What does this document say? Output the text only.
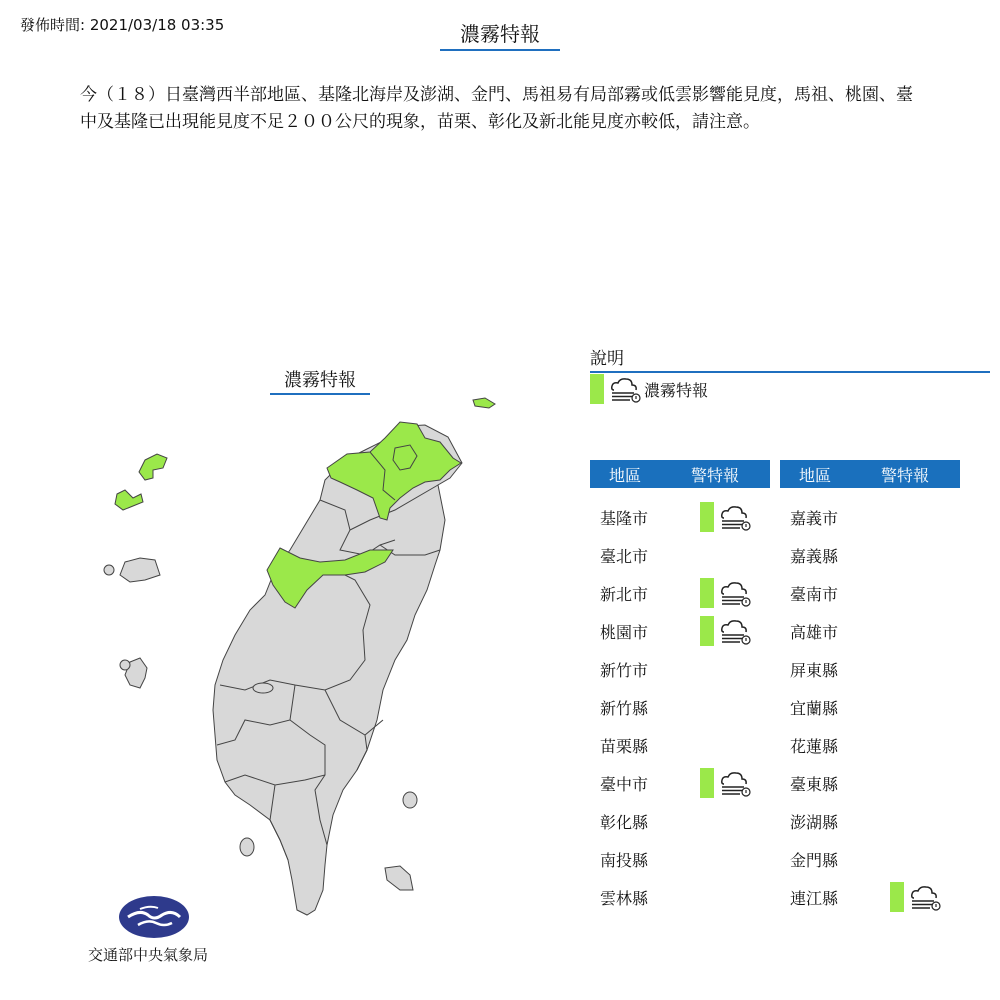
發佈時間: 2021/03/18 03:35	濃霧特報
今（１８）日臺灣西半部地區、基隆北海岸及澎湖、金門、馬祖易有局部霧或低雲影響能見度，馬祖、桃園、臺中及基隆已出現能見度不足２００公尺的現象，苗栗、彰化及新北能見度亦較低，請注意。
濃霧特報
說明
濃霧特報
地區	警特報
基隆市
臺北市
新北市
桃園市
新竹市
新竹縣
苗栗縣
臺中市
彰化縣
南投縣
雲林縣
地區	警特報
嘉義市
嘉義縣
臺南市
高雄市
屏東縣
宜蘭縣
花蓮縣
臺東縣
澎湖縣
金門縣
連江縣
交通部中央氣象局
